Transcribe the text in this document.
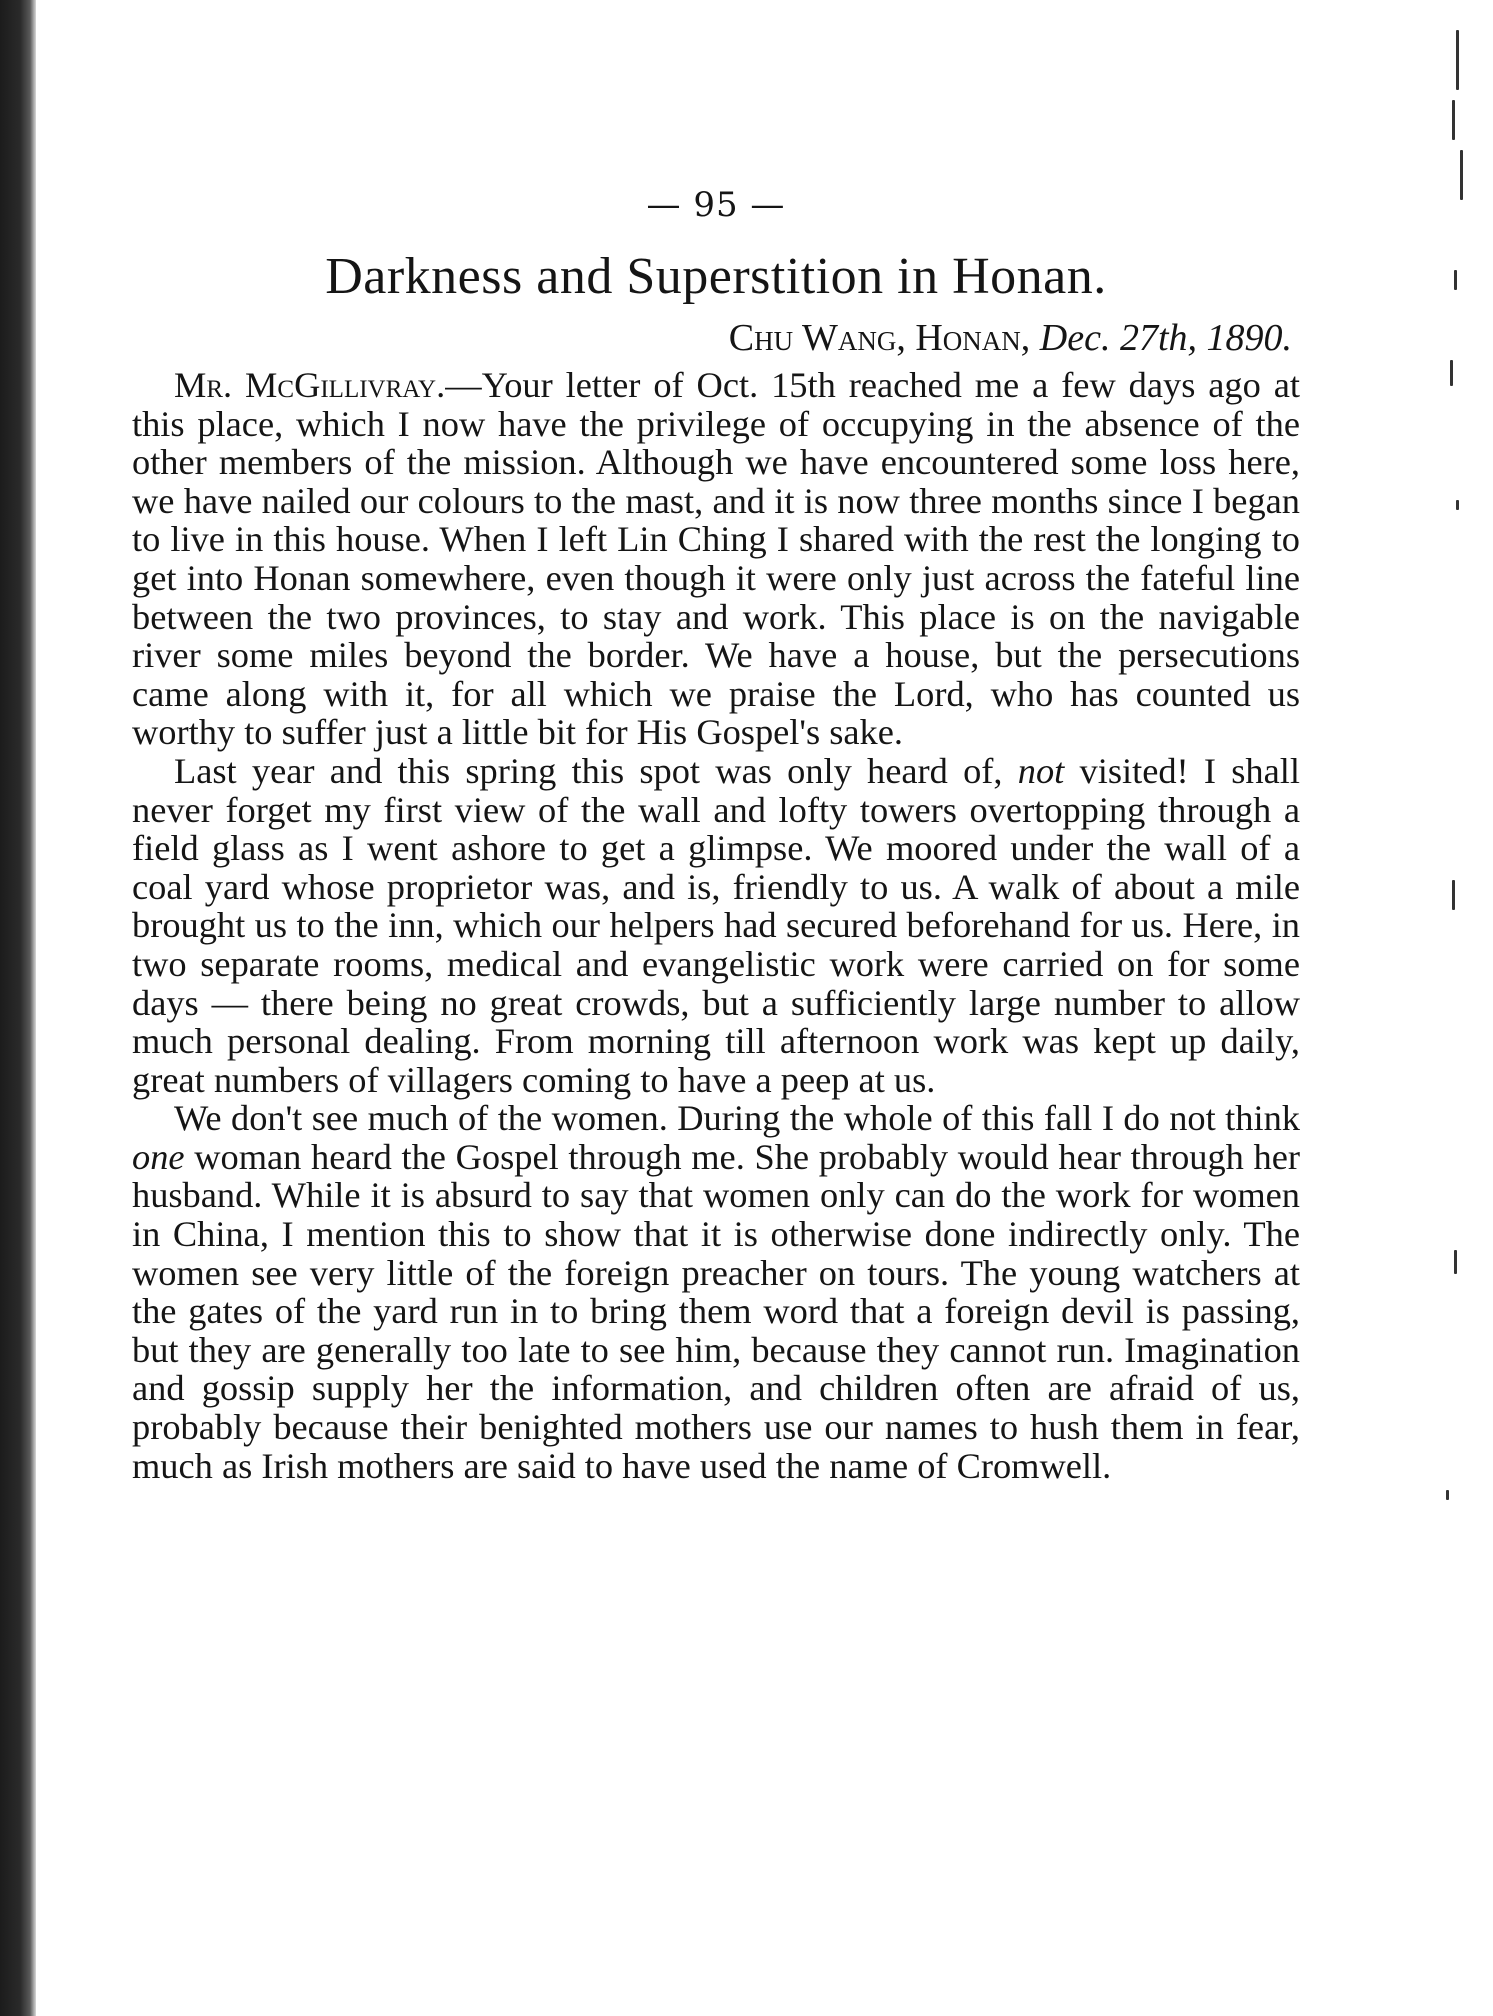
— 95 —
Darkness and Superstition in Honan.
Chu Wang, Honan, Dec. 27th, 1890.

Mr. McGillivray.—Your letter of Oct. 15th reached me a few days ago at this place, which I now have the privilege of occupying in the absence of the other members of the mission. Although we have encountered some loss here, we have nailed our colours to the mast, and it is now three months since I began to live in this house. When I left Lin Ching I shared with the rest the longing to get into Honan somewhere, even though it were only just across the fateful line between the two provinces, to stay and work. This place is on the navigable river some miles beyond the border. We have a house, but the persecutions came along with it, for all which we praise the Lord, who has counted us worthy to suffer just a little bit for His Gospel's sake.

Last year and this spring this spot was only heard of, not visited! I shall never forget my first view of the wall and lofty towers overtopping through a field glass as I went ashore to get a glimpse. We moored under the wall of a coal yard whose proprietor was, and is, friendly to us. A walk of about a mile brought us to the inn, which our helpers had secured beforehand for us. Here, in two separate rooms, medical and evangelistic work were carried on for some days — there being no great crowds, but a sufficiently large number to allow much personal dealing. From morning till afternoon work was kept up daily, great numbers of villagers coming to have a peep at us.

We don't see much of the women. During the whole of this fall I do not think one woman heard the Gospel through me. She probably would hear through her husband. While it is absurd to say that women only can do the work for women in China, I mention this to show that it is otherwise done indirectly only. The women see very little of the foreign preacher on tours. The young watchers at the gates of the yard run in to bring them word that a foreign devil is passing, but they are generally too late to see him, because they cannot run. Imagination and gossip supply her the information, and children often are afraid of us, probably because their benighted mothers use our names to hush them in fear, much as Irish mothers are said to have used the name of Cromwell.
